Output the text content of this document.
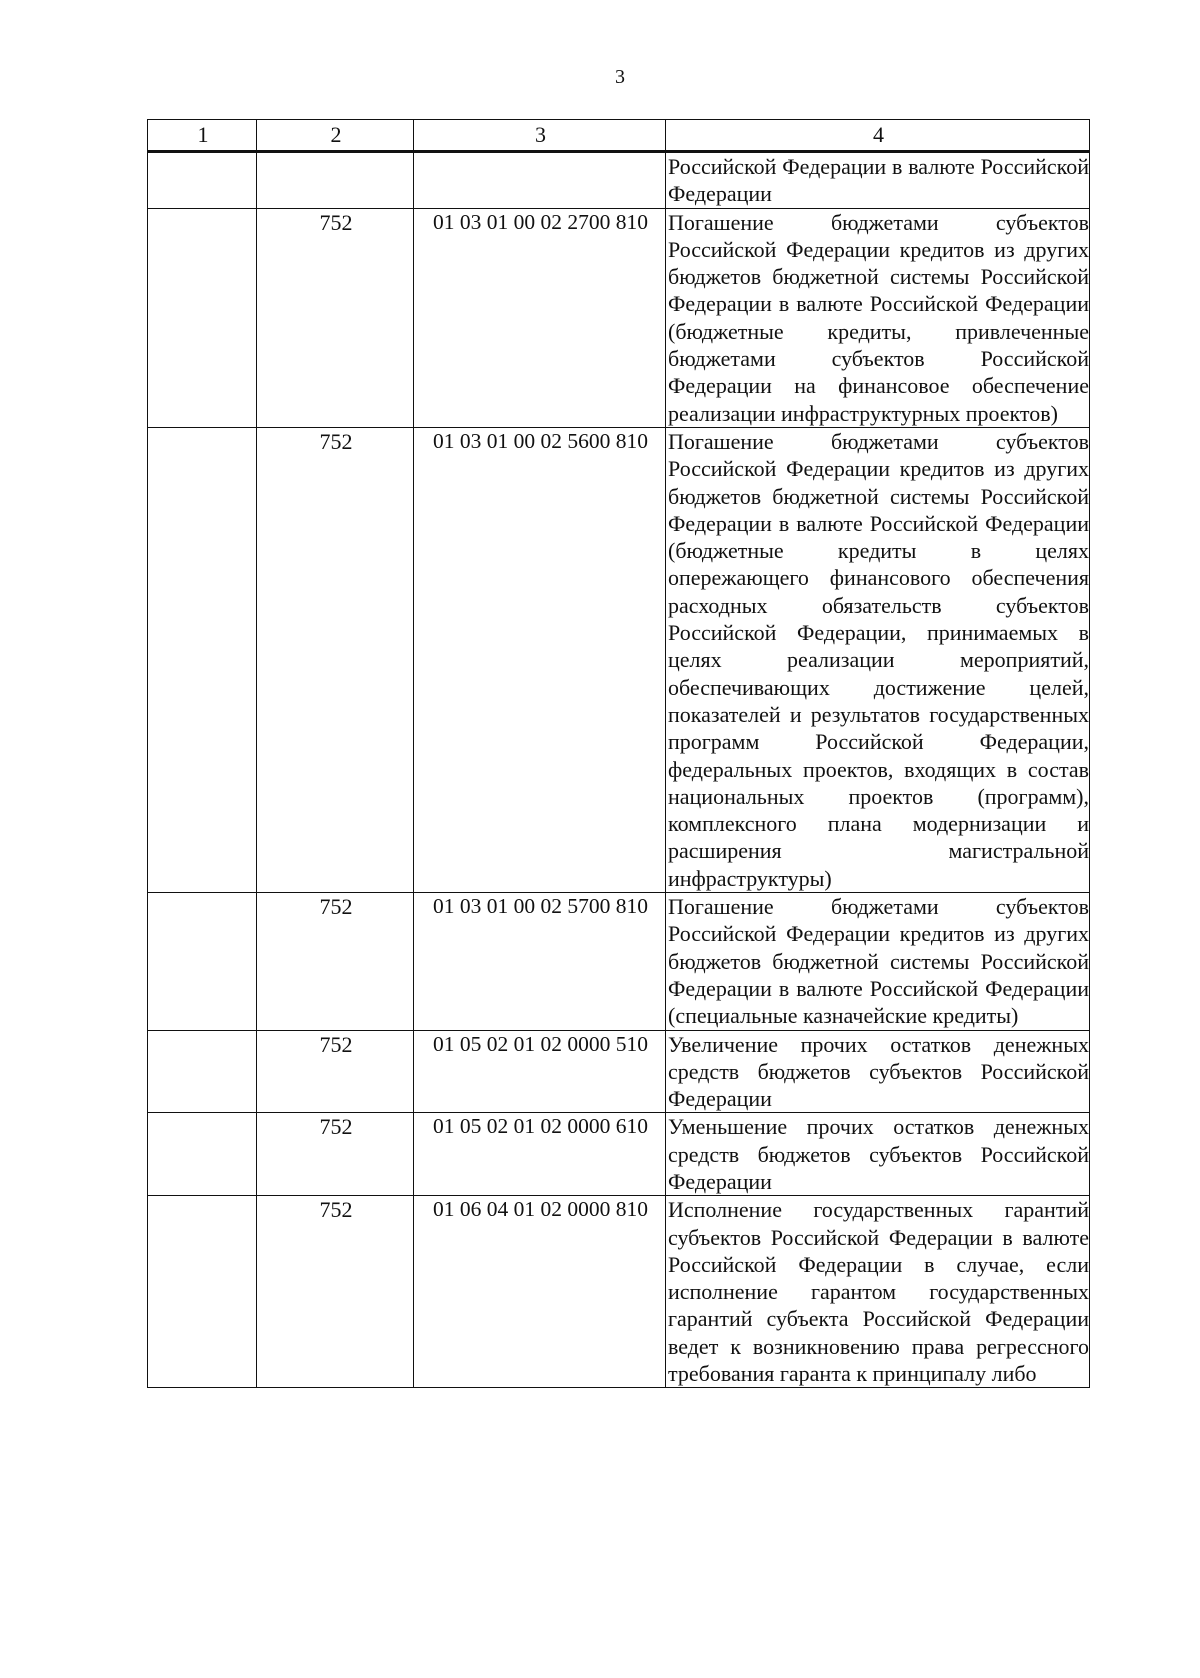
3
1	2	3	4
			Российской Федерации в валюте Российской Федерации
	752	01 03 01 00 02 2700 810	Погашение бюджетами субъектов Российской Федерации кредитов из других бюджетов бюджетной системы Российской Федерации в валюте Российской Федерации (бюджетные кредиты, привлеченные бюджетами субъектов Российской Федерации на финансовое обеспечение реализации инфраструктурных проектов)
	752	01 03 01 00 02 5600 810	Погашение бюджетами субъектов Российской Федерации кредитов из других бюджетов бюджетной системы Российской Федерации в валюте Российской Федерации (бюджетные кредиты в целях опережающего финансового обеспечения расходных обязательств субъектов Российской Федерации, принимаемых в целях реализации мероприятий, обеспечивающих достижение целей, показателей и результатов государственных программ Российской Федерации, федеральных проектов, входящих в состав национальных проектов (программ), комплексного плана модернизации и расширения магистральной инфраструктуры)
	752	01 03 01 00 02 5700 810	Погашение бюджетами субъектов Российской Федерации кредитов из других бюджетов бюджетной системы Российской Федерации в валюте Российской Федерации (специальные казначейские кредиты)
	752	01 05 02 01 02 0000 510	Увеличение прочих остатков денежных средств бюджетов субъектов Российской Федерации
	752	01 05 02 01 02 0000 610	Уменьшение прочих остатков денежных средств бюджетов субъектов Российской Федерации
	752	01 06 04 01 02 0000 810	Исполнение государственных гарантий субъектов Российской Федерации в валюте Российской Федерации в случае, если исполнение гарантом государственных гарантий субъекта Российской Федерации ведет к возникновению права регрессного требования гаранта к принципалу либо
